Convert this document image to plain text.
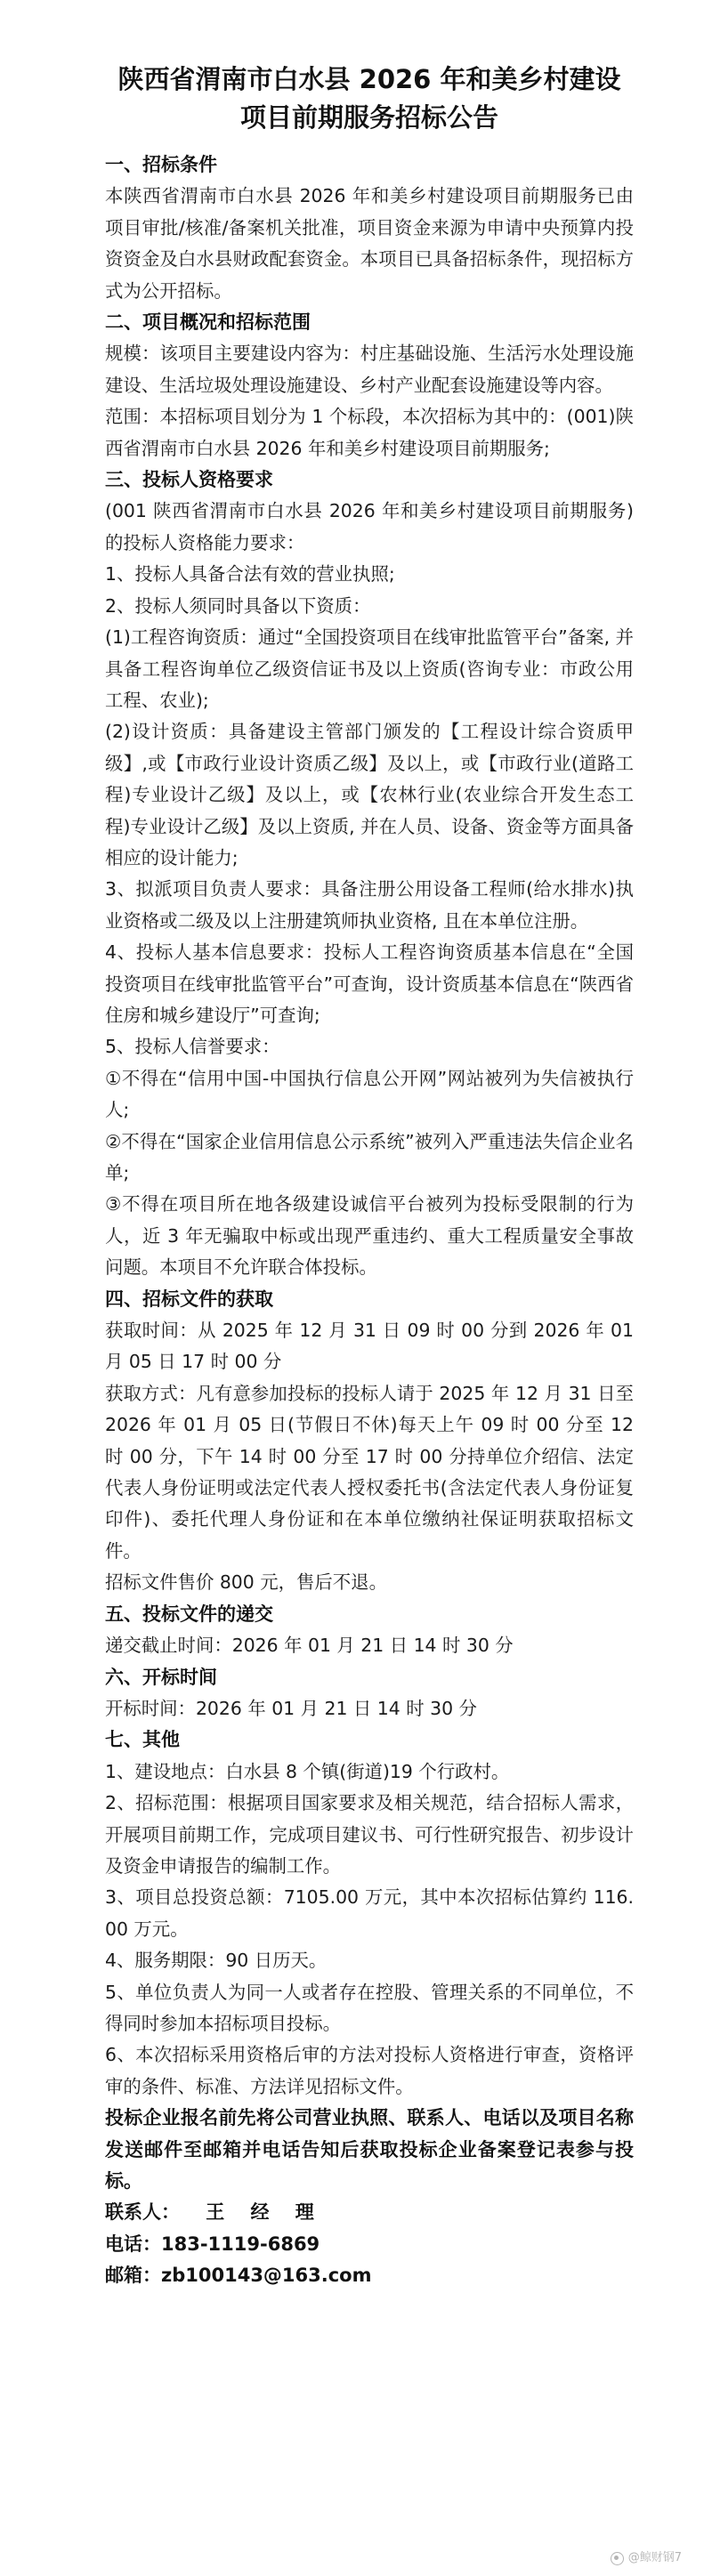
陕西省渭南市白水县 2026 年和美乡村建设
项目前期服务招标公告

一、招标条件

本陕西省渭南市白水县 2026 年和美乡村建设项目前期服务已由项目审批/核准/备案机关批准，项目资金来源为申请中央预算内投资资金及白水县财政配套资金。本项目已具备招标条件，现招标方式为公开招标。

二、项目概况和招标范围

规模：该项目主要建设内容为：村庄基础设施、生活污水处理设施建设、生活垃圾处理设施建设、乡村产业配套设施建设等内容。

范围：本招标项目划分为 1 个标段，本次招标为其中的：(001)陕西省渭南市白水县 2026 年和美乡村建设项目前期服务;

三、投标人资格要求

(001 陕西省渭南市白水县 2026 年和美乡村建设项目前期服务)的投标人资格能力要求：

1、投标人具备合法有效的营业执照;

2、投标人须同时具备以下资质：

(1)工程咨询资质：通过“全国投资项目在线审批监管平台”备案, 并具备工程咨询单位乙级资信证书及以上资质(咨询专业：市政公用工程、农业);

(2)设计资质：具备建设主管部门颁发的【工程设计综合资质甲级】,或【市政行业设计资质乙级】及以上，或【市政行业(道路工程)专业设计乙级】及以上，或【农林行业(农业综合开发生态工程)专业设计乙级】及以上资质, 并在人员、设备、资金等方面具备相应的设计能力;

3、拟派项目负责人要求：具备注册公用设备工程师(给水排水)执业资格或二级及以上注册建筑师执业资格, 且在本单位注册。

4、投标人基本信息要求：投标人工程咨询资质基本信息在“全国投资项目在线审批监管平台”可查询，设计资质基本信息在“陕西省住房和城乡建设厅”可查询;

5、投标人信誉要求：

①不得在“信用中国-中国执行信息公开网”网站被列为失信被执行人;

②不得在“国家企业信用信息公示系统”被列入严重违法失信企业名单;

③不得在项目所在地各级建设诚信平台被列为投标受限制的行为人，近 3 年无骗取中标或出现严重违约、重大工程质量安全事故问题。本项目不允许联合体投标。

四、招标文件的获取

获取时间：从 2025 年 12 月 31 日 09 时 00 分到 2026 年 01 月 05 日 17 时 00 分

获取方式：凡有意参加投标的投标人请于 2025 年 12 月 31 日至 2026 年 01 月 05 日(节假日不休)每天上午 09 时 00 分至 12 时 00 分，下午 14 时 00 分至 17 时 00 分持单位介绍信、法定代表人身份证明或法定代表人授权委托书(含法定代表人身份证复印件)、委托代理人身份证和在本单位缴纳社保证明获取招标文件。

招标文件售价 800 元，售后不退。

五、投标文件的递交

递交截止时间：2026 年 01 月 21 日 14 时 30 分

六、开标时间

开标时间：2026 年 01 月 21 日 14 时 30 分

七、其他

1、建设地点：白水县 8 个镇(街道)19 个行政村。

2、招标范围：根据项目国家要求及相关规范，结合招标人需求，开展项目前期工作，完成项目建议书、可行性研究报告、初步设计及资金申请报告的编制工作。

3、项目总投资总额：7105.00 万元，其中本次招标估算约 116.00 万元。

4、服务期限：90 日历天。

5、单位负责人为同一人或者存在控股、管理关系的不同单位，不得同时参加本招标项目投标。

6、本次招标采用资格后审的方法对投标人资格进行审查，资格评审的条件、标准、方法详见招标文件。

投标企业报名前先将公司营业执照、联系人、电话以及项目名称发送邮件至邮箱并电话告知后获取投标企业备案登记表参与投标。

联系人：    王    经    理

电话：183-1119-6869

邮箱：zb100143@163.com

@鲸财钢7
